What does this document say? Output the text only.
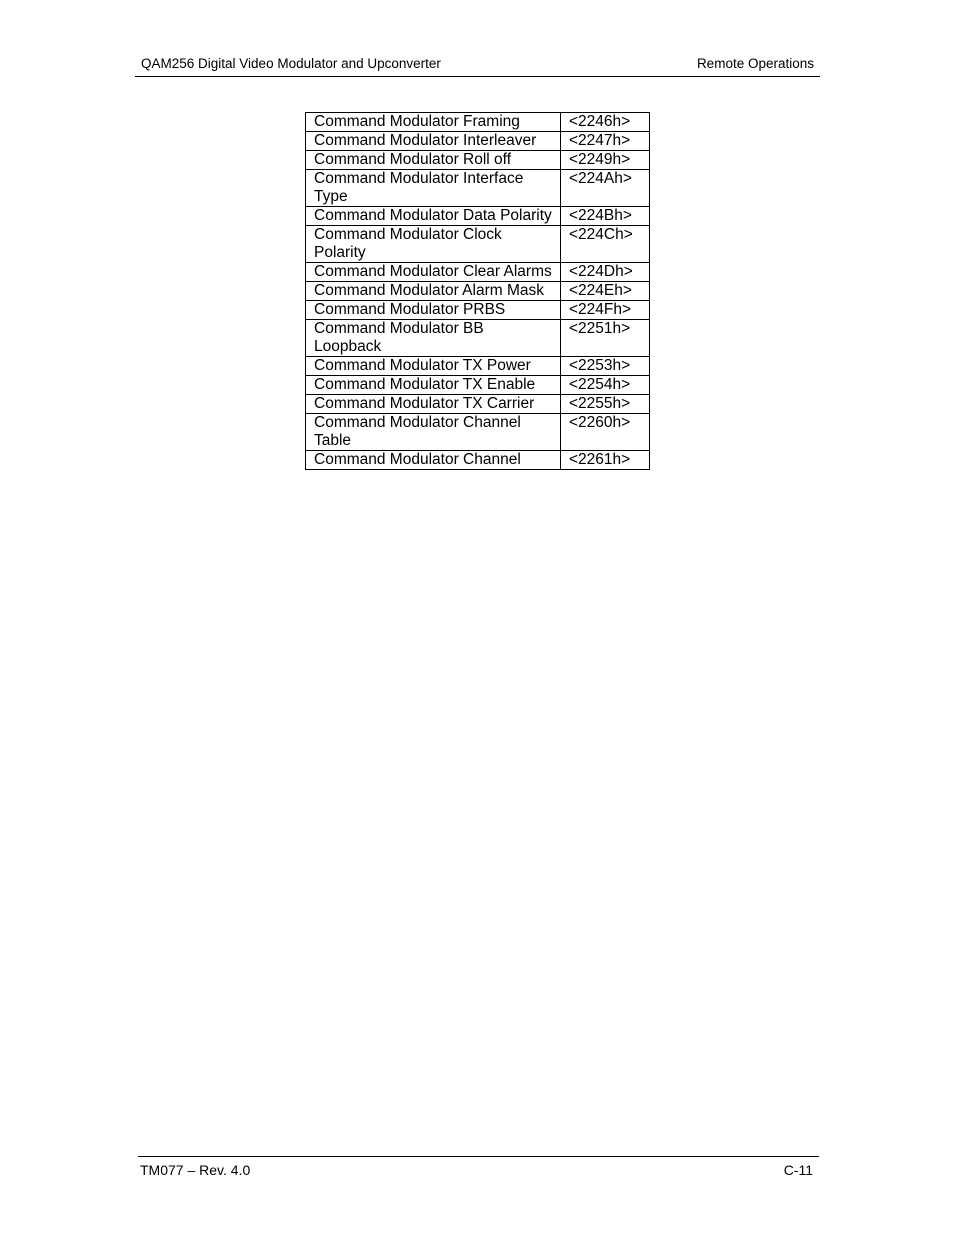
QAM256 Digital Video Modulator and Upconverter	Remote Operations
Command Modulator Framing	<2246h>
Command Modulator Interleaver	<2247h>
Command Modulator Roll off	<2249h>
Command Modulator Interface Type	<224Ah>
Command Modulator Data Polarity	<224Bh>
Command Modulator Clock Polarity	<224Ch>
Command Modulator Clear Alarms	<224Dh>
Command Modulator Alarm Mask	<224Eh>
Command Modulator PRBS	<224Fh>
Command Modulator BB Loopback	<2251h>
Command Modulator TX Power	<2253h>
Command Modulator TX Enable	<2254h>
Command Modulator TX Carrier	<2255h>
Command Modulator Channel Table	<2260h>
Command Modulator Channel	<2261h>
TM077 – Rev. 4.0	C-11
